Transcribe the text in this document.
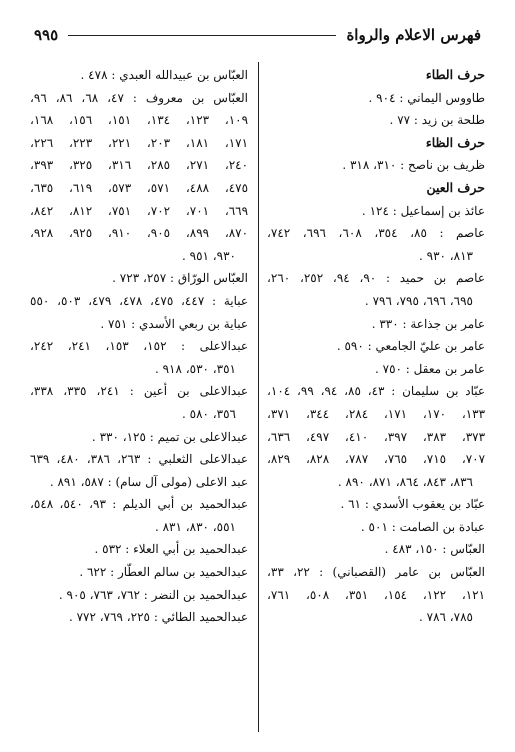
فهرس الاعلام والرواة
٩٩٥
حرف الطاء
طاووس اليماني : ٩٠٤ .
طلحة بن زيد : ٧٧ .
حرف الظاء
ظريف بن ناصح : ٣١٠، ٣١٨ .
حرف العين
عائذ بن إسماعيل : ١٢٤ .
عاصم : ٨٥، ٣٥٤، ٦٠٨، ٦٩٦، ٧٤٢،
٨١٣، ٩٣٠ .
عاصم بن حميد : ٩٠، ٩٤، ٢٥٢، ٢٦٠،
٦٩٥، ٦٩٦، ٧٩٥، ٧٩٦ .
عامر بن جذاعة : ٣٣٠ .
عامر بن عليّ الجامعي : ٥٩٠ .
عامر بن معقل : ٧٥٠ .
عبّاد بن سليمان : ٤٣، ٨٥، ٩٤، ٩٩، ١٠٤،
١٣٣، ١٧٠، ١٧١، ٢٨٤، ٣٤٤، ٣٧١،
٣٧٣، ٣٨٣، ٣٩٧، ٤١٠، ٤٩٧، ٦٣٦،
٧٠٧، ٧١٥، ٧٦٥، ٧٨٧، ٨٢٨، ٨٢٩،
٨٣٦، ٨٤٣، ٨٦٤، ٨٧١، ٨٩٠ .
عبّاد بن يعقوب الأسدي : ٦١ .
عبادة بن الصامت : ٥٠١ .
العبّاس : ١٥٠، ٤٨٣ .
العبّاس بن عامر (القصباني) : ٢٢، ٣٣،
١٢١، ١٢٢، ١٥٤، ٣٥١، ٥٠٨، ٧٦١،
٧٨٥، ٧٨٦ .
العبّاس بن عبيدالله العبدي : ٤٧٨ .
العبّاس بن معروف : ٤٧، ٦٨، ٨٦، ٩٦،
١٠٩، ١٢٣، ١٣٤، ١٥١، ١٥٦، ١٦٨،
١٧١، ١٨١، ٢٠٣، ٢٢١، ٢٢٣، ٢٢٦،
٢٤٠، ٢٧١، ٢٨٥، ٣١٦، ٣٢٥، ٣٩٣،
٤٧٥، ٤٨٨، ٥٧١، ٥٧٣، ٦١٩، ٦٣٥،
٦٦٩، ٧٠١، ٧٠٢، ٧٥١، ٨١٢، ٨٤٢،
٨٧٠، ٨٩٩، ٩٠٥، ٩١٠، ٩٢٥، ٩٢٨،
٩٣٠، ٩٥١ .
العبّاس الورّاق : ٢٥٧، ٧٢٣ .
عباية : ٤٤٧، ٤٧٥، ٤٧٨، ٤٧٩، ٥٠٣، ٥٥٠
عباية بن ربعي الأسدي : ٧٥١ .
عبدالاعلى : ١٥٢، ١٥٣، ٢٤١، ٢٤٢،
٣٥١، ٥٣٠، ٩١٨ .
عبدالاعلى بن أعين : ٢٤١، ٣٣٥، ٣٣٨،
٣٥٦، ٥٨٠ .
عبدالاعلى بن تميم : ١٢٥، ٣٣٠ .
عبدالاعلى الثعلبي : ٢٦٣، ٣٨٦، ٤٨٠، ٦٣٩
عبد الاعلى (مولى آل سام) : ٥٨٧، ٨٩١ .
عبدالحميد بن أبي الديلم : ٩٣، ٥٤٠، ٥٤٨،
٥٥١، ٨٣٠، ٨٣١ .
عبدالحميد بن أبي العلاء : ٥٣٢ .
عبدالحميد بن سالم العطّار : ٦٢٢ .
عبدالحميد بن النضر : ٧٦٢، ٧٦٣، ٩٠٥ .
عبدالحميد الطائي : ٢٢٥، ٧٦٩، ٧٧٢ .
